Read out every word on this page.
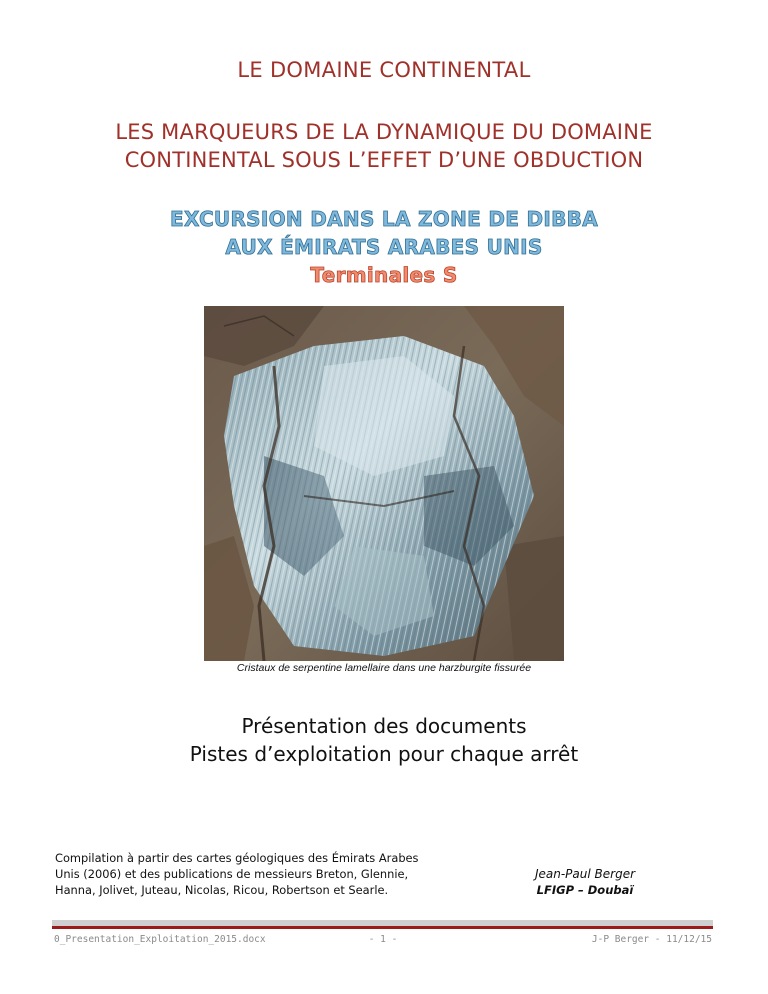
LE DOMAINE CONTINENTAL
LES MARQUEURS DE LA DYNAMIQUE DU DOMAINE
CONTINENTAL SOUS L’EFFET D’UNE OBDUCTION
EXCURSION DANS LA ZONE DE DIBBA
AUX ÉMIRATS ARABES UNIS
Terminales S
Cristaux de serpentine lamellaire dans une harzburgite fissurée
Présentation des documents
Pistes d’exploitation pour chaque arrêt
Compilation à partir des cartes géologiques des Émirats Arabes
Unis (2006) et des publications de messieurs Breton, Glennie,
Hanna, Jolivet, Juteau, Nicolas, Ricou, Robertson et Searle.
Jean-Paul Berger
LFIGP – Doubaï
0_Presentation_Exploitation_2015.docx	- 1 -	J-P Berger - 11/12/15
